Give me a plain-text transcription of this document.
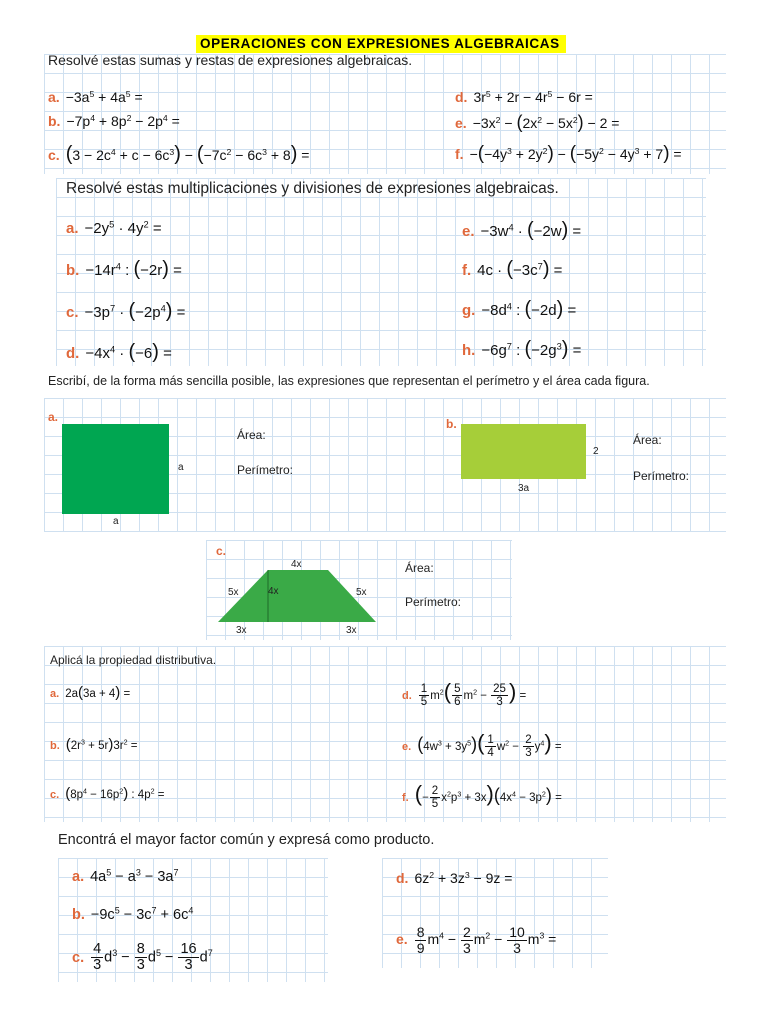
OPERACIONES CON EXPRESIONES ALGEBRAICAS
Resolvé estas sumas y restas de expresiones algebraicas.
a. $-3a^5 + 4a^5$ =
b. $-7p^4 + 8p^2 - 2p^4$ =
c. $(3 - 2c^4 + c - 6c^3) - (-7c^2 - 6c^3 + 8)$ =
d. $3r^5 + 2r - 4r^5 - 6r$ =
e. $-3x^2 - (2x^2 - 5x^2) - 2$ =
f. $-(-4y^3 + 2y^2) - (-5y^2 - 4y^3 + 7)$ =
Resolvé estas multiplicaciones y divisiones de expresiones algebraicas.
a. $-2y^5 \cdot 4y^2$ =
b. $-14r^4$ : (−2r) =
c. $-3p^7 \cdot (-2p^4)$ =
d. $-4x^4 \cdot (-6)$ =
e. $-3w^4 \cdot (-2w)$ =
f. $4c \cdot (-3c^7)$ =
g. $-8d^4$ : (−2d) =
h. $-6g^7$ : $(-2g^3)$ =
Escribí, de la forma más sencilla posible, las expresiones que representan el perímetro y el área cada figura.
a.
a
a
Área:
Perímetro:
b.
2
3a
Área:
Perímetro:
c.
4x
5x	4x	5x
3x	3x
Área:
Perímetro:
Aplicá la propiedad distributiva.
a. 2a(3a + 4) =
b. $(2r^3 + 5r)3r^2$ =
c. $(8p^4 - 16p^2)$ : $4p^2$ =
d. $\frac{1}{5} m^2( \frac{5}{6} m^2 - \frac{25}{3}$ ) =
e. $(4w^3 + 3y^5)( \frac{1}{4} w^2 - \frac{2}{3} y^4)$ =
f. (− $\frac{2}{5} x^2p^3 + 3x)(4x^4 - 3p^2)$ =
Encontrá el mayor factor común y expresá como producto.
a. $4a^5 - a^3 - 3a^7$
b. $-9c^5 - 3c^7 + 6c^4$
c. $\frac{4}{3} d^3 - \frac{8}{3} d^5 - \frac{16}{3} d^7$
d. $6z^2 + 3z^3 - 9z$ =
e. $\frac{8}{9} m^4 - \frac{2}{3} m^2 - \frac{10}{3} m^3$ =
